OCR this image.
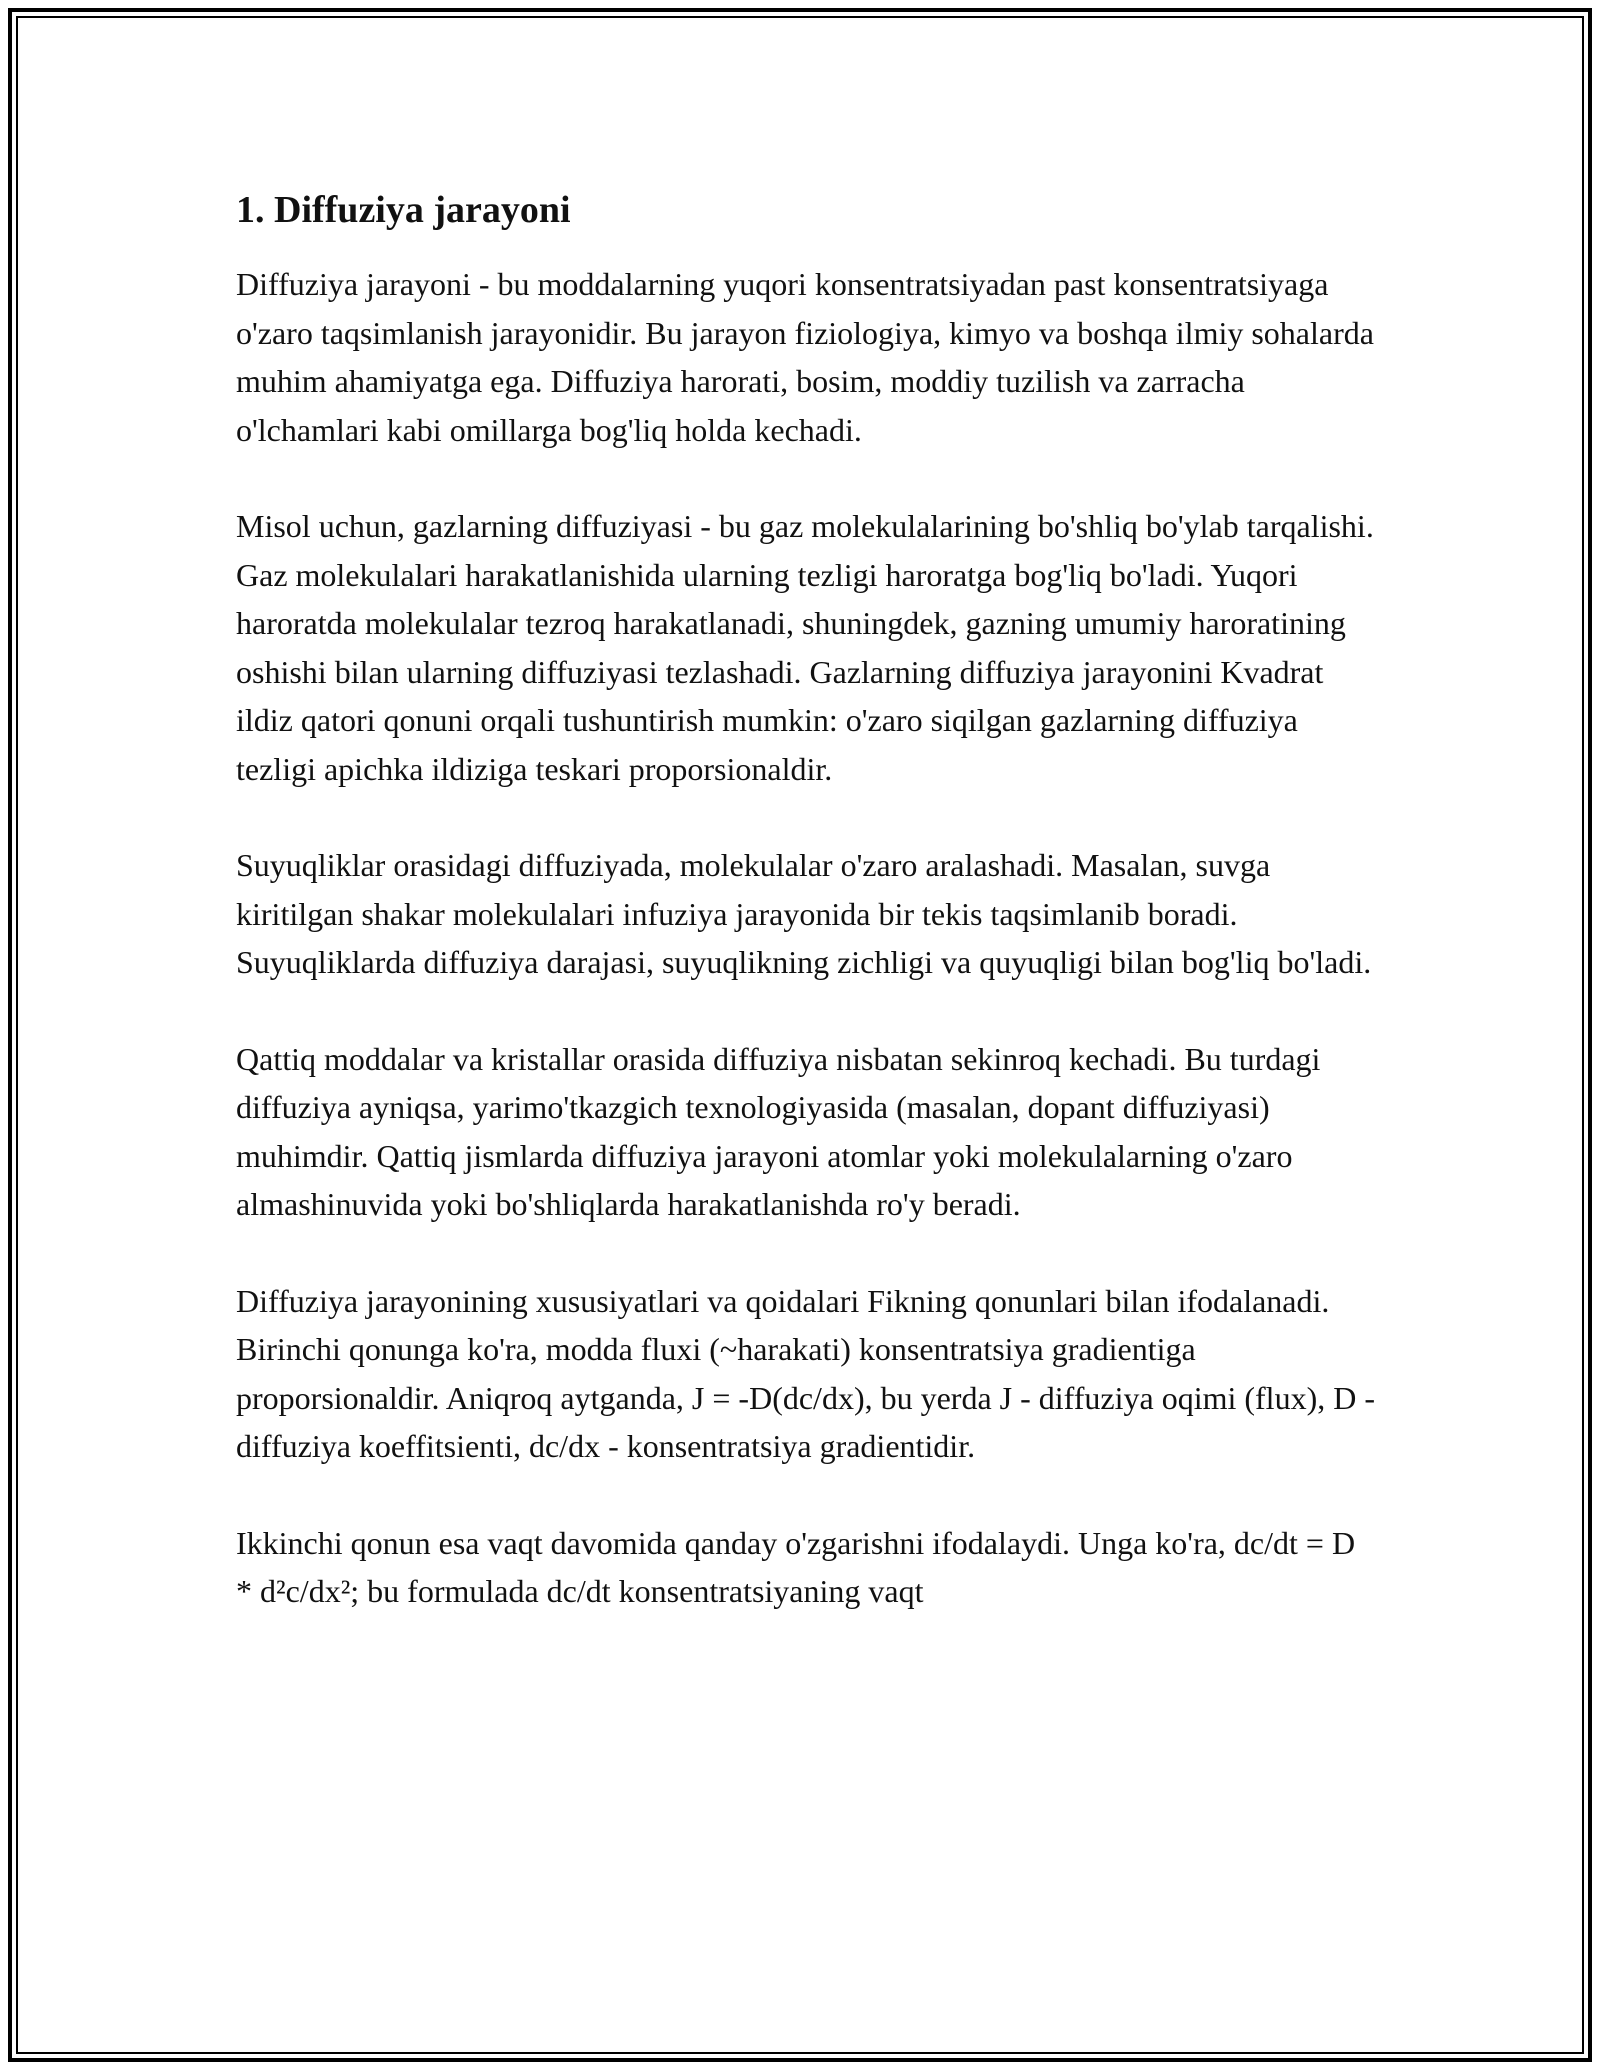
1. Diffuziya jarayoni

Diffuziya jarayoni - bu moddalarning yuqori konsentratsiyadan past konsentratsiyaga o'zaro taqsimlanish jarayonidir. Bu jarayon fiziologiya, kimyo va boshqa ilmiy sohalarda muhim ahamiyatga ega. Diffuziya harorati, bosim, moddiy tuzilish va zarracha o'lchamlari kabi omillarga bog'liq holda kechadi.

Misol uchun, gazlarning diffuziyasi - bu gaz molekulalarining bo'shliq bo'ylab tarqalishi. Gaz molekulalari harakatlanishida ularning tezligi haroratga bog'liq bo'ladi. Yuqori haroratda molekulalar tezroq harakatlanadi, shuningdek, gazning umumiy haroratining oshishi bilan ularning diffuziyasi tezlashadi. Gazlarning diffuziya jarayonini Kvadrat ildiz qatori qonuni orqali tushuntirish mumkin: o'zaro siqilgan gazlarning diffuziya tezligi apichka ildiziga teskari proporsionaldir.

Suyuqliklar orasidagi diffuziyada, molekulalar o'zaro aralashadi. Masalan, suvga kiritilgan shakar molekulalari infuziya jarayonida bir tekis taqsimlanib boradi. Suyuqliklarda diffuziya darajasi, suyuqlikning zichligi va quyuqligi bilan bog'liq bo'ladi.

Qattiq moddalar va kristallar orasida diffuziya nisbatan sekinroq kechadi. Bu turdagi diffuziya ayniqsa, yarimo'tkazgich texnologiyasida (masalan, dopant diffuziyasi) muhimdir. Qattiq jismlarda diffuziya jarayoni atomlar yoki molekulalarning o'zaro almashinuvida yoki bo'shliqlarda harakatlanishda ro'y beradi.

Diffuziya jarayonining xususiyatlari va qoidalari Fikning qonunlari bilan ifodalanadi. Birinchi qonunga ko'ra, modda fluxi (~harakati) konsentratsiya gradientiga proporsionaldir. Aniqroq aytganda, J = -D(dc/dx), bu yerda J - diffuziya oqimi (flux), D - diffuziya koeffitsienti, dc/dx - konsentratsiya gradientidir.

Ikkinchi qonun esa vaqt davomida qanday o'zgarishni ifodalaydi. Unga ko'ra, dc/dt = D * d²c/dx²; bu formulada dc/dt konsentratsiyaning vaqt
